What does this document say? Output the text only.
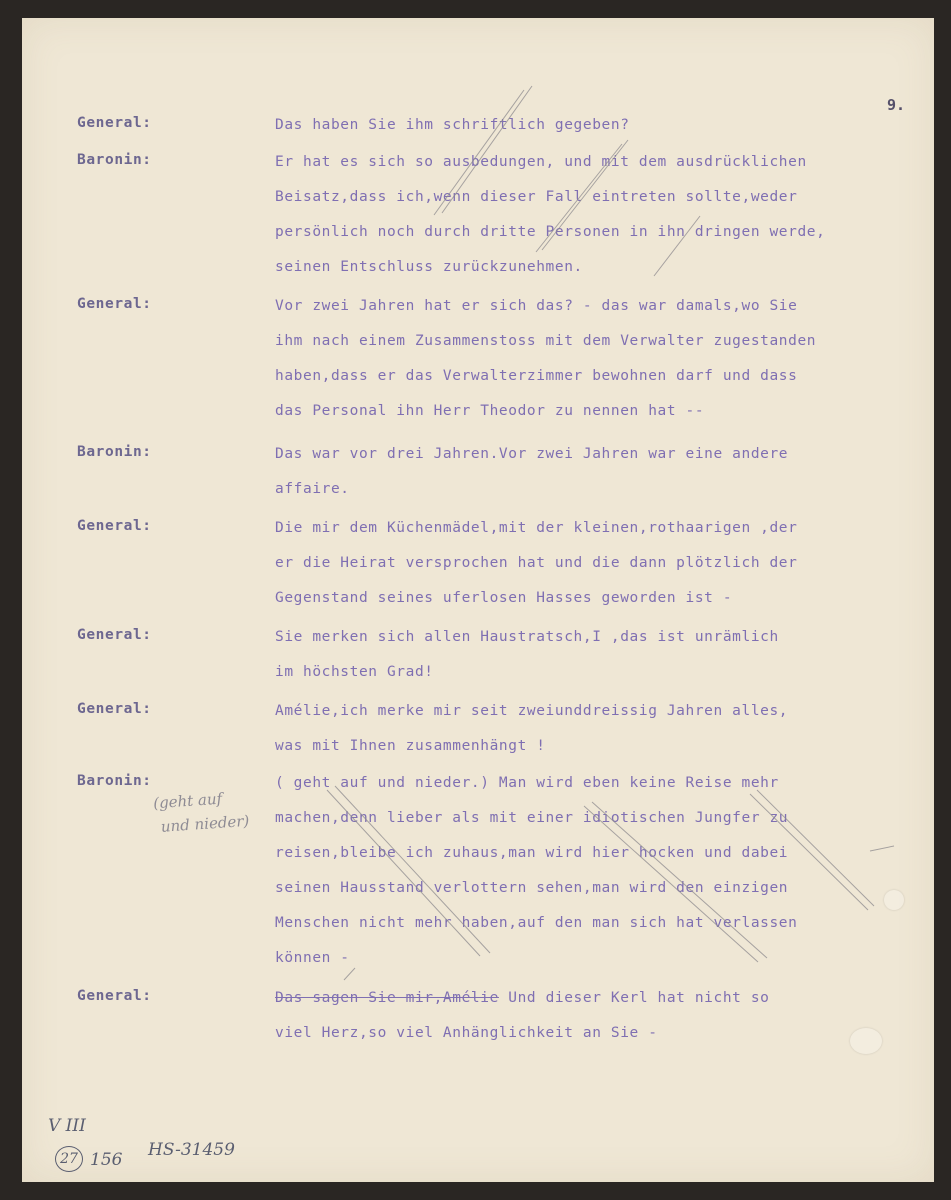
9.
General:	Das haben Sie ihm schriftlich gegeben?
Baronin:	Er hat es sich so ausbedungen, und mit dem ausdrücklichen
Beisatz,dass ich,wenn dieser Fall eintreten sollte,weder
persönlich noch durch dritte Personen in ihn dringen werde,
seinen Entschluss zurückzunehmen.
General:	Vor zwei Jahren hat er sich das? - das war damals,wo Sie
ihm nach einem Zusammenstoss mit dem Verwalter zugestanden
haben,dass er das Verwalterzimmer bewohnen darf und dass
das Personal ihn Herr Theodor zu nennen hat --
Baronin:	Das war vor drei Jahren.Vor zwei Jahren war eine andere
affaire.
General:	Die mir dem Küchenmädel,mit der kleinen,rothaarigen ,der
er die Heirat versprochen hat und die dann plötzlich der
Gegenstand seines uferlosen Hasses geworden ist -
General:	Sie merken sich allen Haustratsch,I ,das ist unrämlich
im höchsten Grad!
General:	Amélie,ich merke mir seit zweiunddreissig Jahren alles,
was mit Ihnen zusammenhängt !
Baronin:	( geht auf und nieder.) Man wird eben keine Reise mehr
machen,denn lieber als mit einer idiotischen Jungfer zu
reisen,bleibe ich zuhaus,man wird hier hocken und dabei
seinen Hausstand verlottern sehen,man wird den einzigen
Menschen nicht mehr haben,auf den man sich hat verlassen
können -
General:	Das sagen Sie mir,Amélie Und dieser Kerl hat nicht so
viel Herz,so viel Anhänglichkeit an Sie -
(geht auf
und nieder)
V III
27 156 HS-31459
